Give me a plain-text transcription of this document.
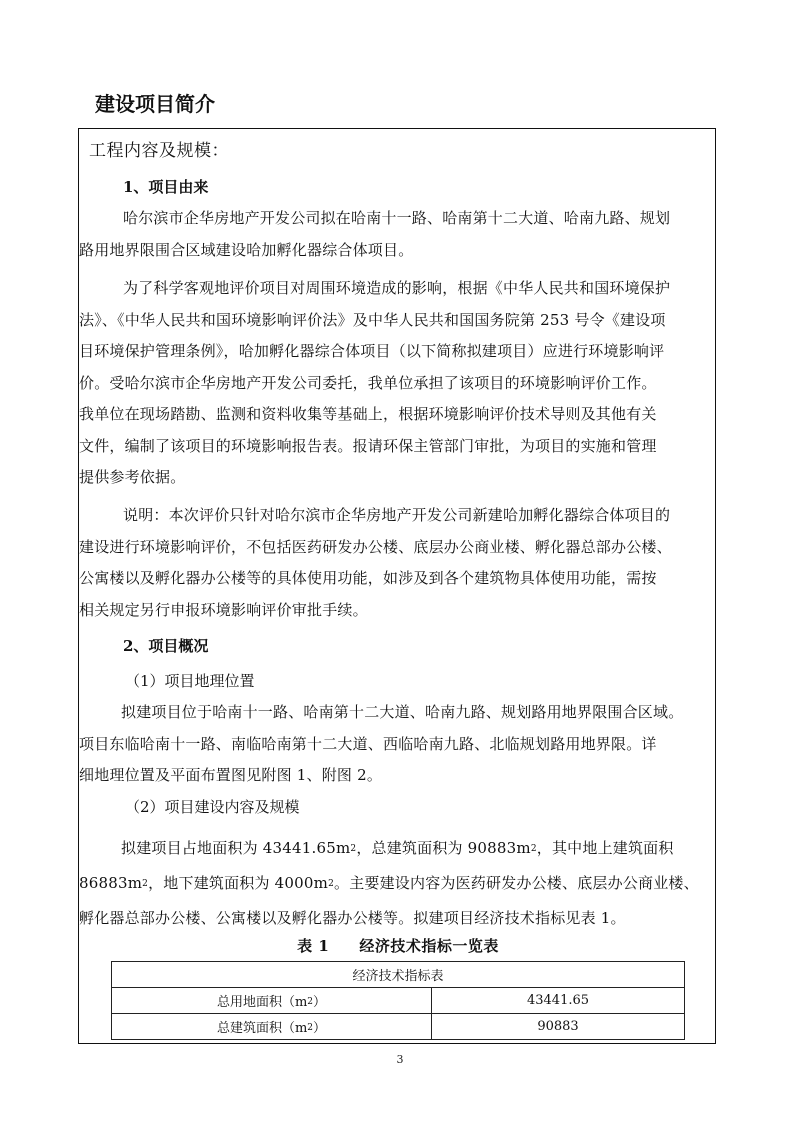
建设项目简介
工程内容及规模：
1、项目由来
哈尔滨市企华房地产开发公司拟在哈南十一路、哈南第十二大道、哈南九路、规划
路用地界限围合区域建设哈加孵化器综合体项目。
为了科学客观地评价项目对周围环境造成的影响，根据《中华人民共和国环境保护
法》、《中华人民共和国环境影响评价法》及中华人民共和国国务院第 253 号令《建设项
目环境保护管理条例》，哈加孵化器综合体项目（以下简称拟建项目）应进行环境影响评
价。受哈尔滨市企华房地产开发公司委托，我单位承担了该项目的环境影响评价工作。
我单位在现场踏勘、监测和资料收集等基础上，根据环境影响评价技术导则及其他有关
文件，编制了该项目的环境影响报告表。报请环保主管部门审批，为项目的实施和管理
提供参考依据。
说明：本次评价只针对哈尔滨市企华房地产开发公司新建哈加孵化器综合体项目的
建设进行环境影响评价，不包括医药研发办公楼、底层办公商业楼、孵化器总部办公楼、
公寓楼以及孵化器办公楼等的具体使用功能，如涉及到各个建筑物具体使用功能，需按
相关规定另行申报环境影响评价审批手续。
2、项目概况
（1）项目地理位置
拟建项目位于哈南十一路、哈南第十二大道、哈南九路、规划路用地界限围合区域。
项目东临哈南十一路、南临哈南第十二大道、西临哈南九路、北临规划路用地界限。详
细地理位置及平面布置图见附图 1、附图 2。
（2）项目建设内容及规模
拟建项目占地面积为 $43441.65m^2$，总建筑面积为 $90883m^2$，其中地上建筑面积
$86883m^2$，地下建筑面积为 $4000m^2$。主要建设内容为医药研发办公楼、底层办公商业楼、
孵化器总部办公楼、公寓楼以及孵化器办公楼等。拟建项目经济技术指标见表 1。
表 1 经济技术指标一览表
经济技术指标表	
总用地面积$(m^2)$	43441.65
总建筑面积$(m^2)$	90883
3
